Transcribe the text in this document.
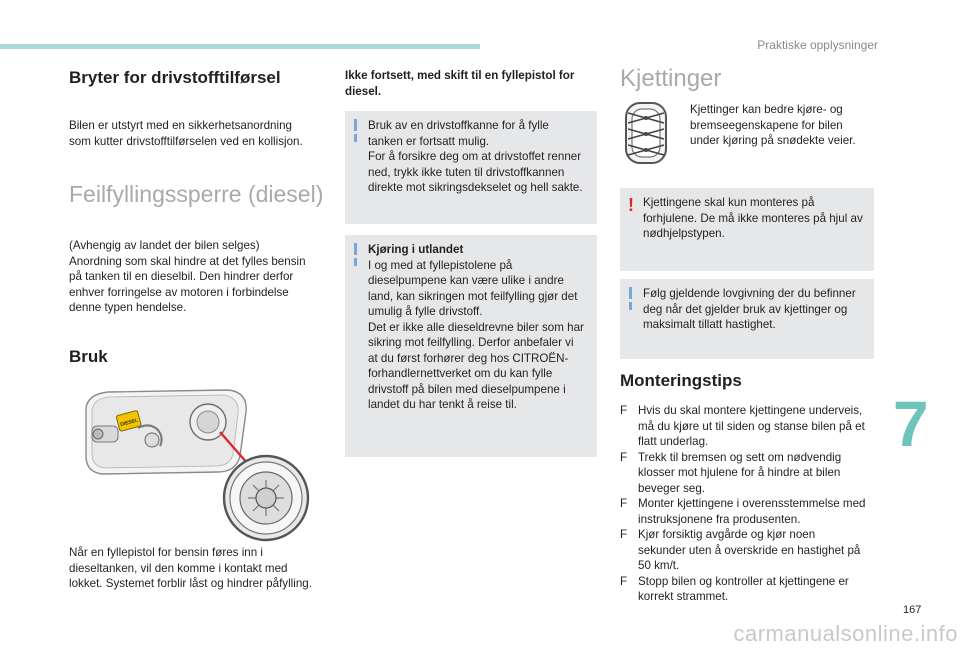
Praktiske opplysninger
7
167
carmanualsonline.info
Bryter for drivstofftilførsel

Bilen er utstyrt med en sikkerhetsanordning
som kutter drivstofftilførselen ved en kollisjon.

Feilfyllingssperre (diesel)

(Avhengig av landet der bilen selges)
Anordning som skal hindre at det fylles bensin
på tanken til en dieselbil. Den hindrer derfor
enhver forringelse av motoren i forbindelse
denne typen hendelse.

Bruk
DIESEL

Når en fyllepistol for bensin føres inn i
dieseltanken, vil den komme i kontakt med
lokket. Systemet forblir låst og hindrer påfylling.

Ikke fortsett, med skift til en fyllepistol for
diesel.

Bruk av en drivstoffkanne for å fylle
tanken er fortsatt mulig.
For å forsikre deg om at drivstoffet renner
ned, trykk ikke tuten til drivstoffkannen
direkte mot sikringsdekselet og hell sakte.

Kjøring i utlandet

I og med at fyllepistolene på
dieselpumpene kan være ulike i andre
land, kan sikringen mot feilfylling gjør det
umulig å fylle drivstoff.
Det er ikke alle dieseldrevne biler som har
sikring mot feilfylling. Derfor anbefaler vi
at du først forhører deg hos CITROËN-
forhandlernettverket om du kan fylle
drivstoff på bilen med dieselpumpene i
landet du har tenkt å reise til.

Kjettinger

Kjettinger kan bedre kjøre- og
bremseegenskapene for bilen
under kjøring på snødekte veier.

! Kjettingene skal kun monteres på
forhjulene. De må ikke monteres på hjul av
nødhjelpstypen.

Følg gjeldende lovgivning der du befinner
deg når det gjelder bruk av kjettinger og
maksimalt tillatt hastighet.

Monteringstips
F Hvis du skal montere kjettingene underveis,
må du kjøre ut til siden og stanse bilen på et
flatt underlag.
F Trekk til bremsen og sett om nødvendig
klosser mot hjulene for å hindre at bilen
beveger seg.
F Monter kjettingene i overensstemmelse med
instruksjonene fra produsenten.
F Kjør forsiktig avgårde og kjør noen
sekunder uten å overskride en hastighet på
50 km/t.
F Stopp bilen og kontroller at kjettingene er
korrekt strammet.
